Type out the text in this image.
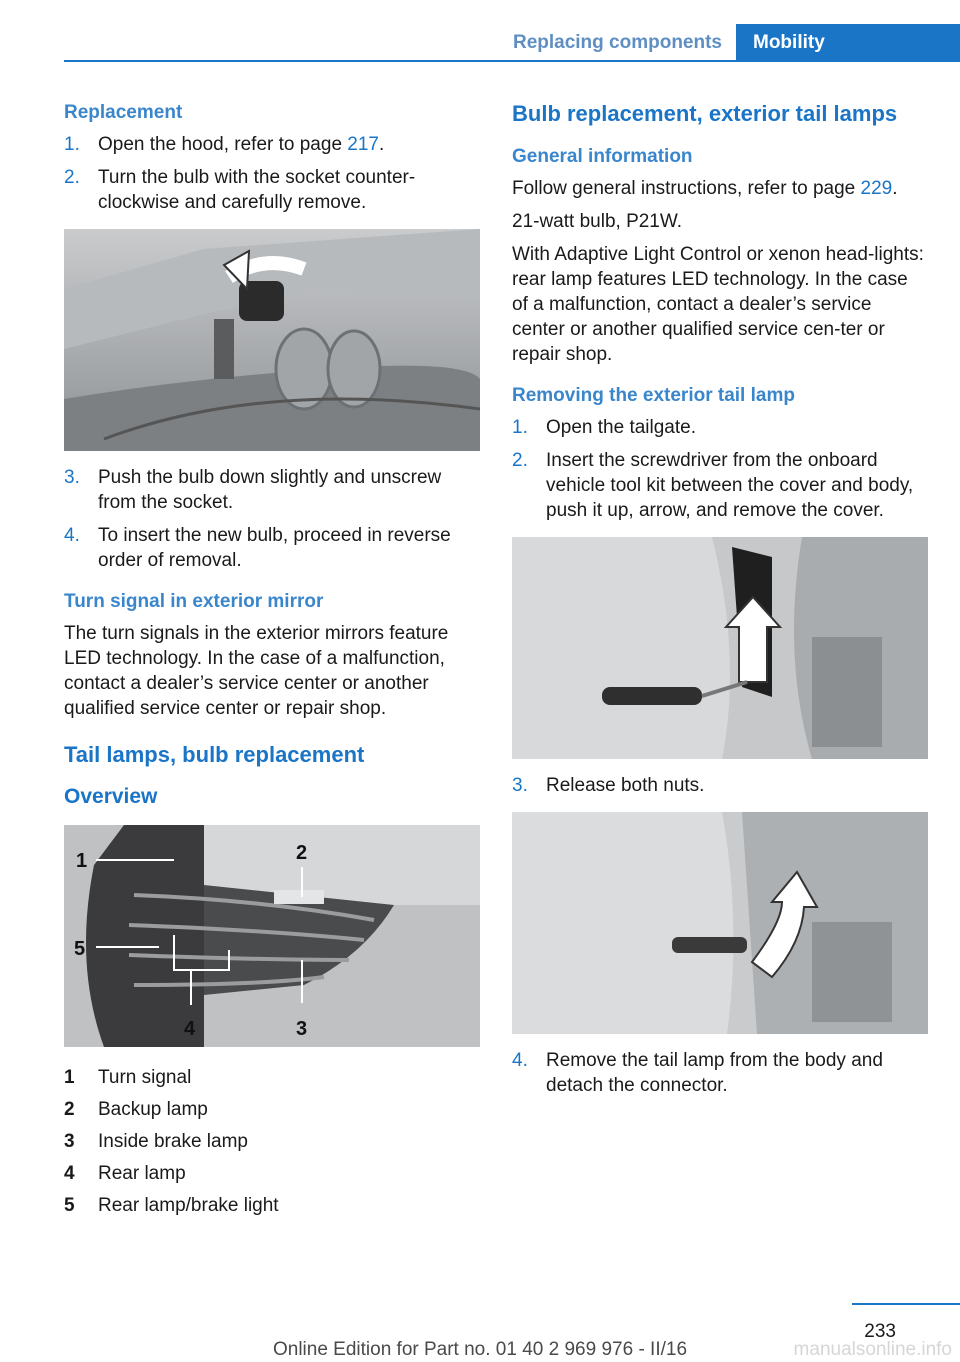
Replacing components	Mobility
Replacement
1. Open the hood, refer to page 217.
2. Turn the bulb with the socket counter-clockwise and carefully remove.
3. Push the bulb down slightly and unscrew from the socket.
4. To insert the new bulb, proceed in reverse order of removal.
Turn signal in exterior mirror

The turn signals in the exterior mirrors feature LED technology. In the case of a malfunction, contact a dealer’s service center or another qualified service center or repair shop.

Tail lamps, bulb replacement
Overview
1	2
3
4
5
1	Turn signal
2	Backup lamp
3	Inside brake lamp
4	Rear lamp
5	Rear lamp/brake light
Bulb replacement, exterior tail lamps
General information

Follow general instructions, refer to page 229.

21-watt bulb, P21W.

With Adaptive Light Control or xenon head-lights: rear lamp features LED technology. In the case of a malfunction, contact a dealer’s service center or another qualified service cen-ter or repair shop.

Removing the exterior tail lamp
1. Open the tailgate.
2. Insert the screwdriver from the onboard vehicle tool kit between the cover and body, push it up, arrow, and remove the cover.
3. Release both nuts.
4. Remove the tail lamp from the body and detach the connector.
233
Online Edition for Part no. 01 40 2 969 976 - II/16	manualsonline.info
